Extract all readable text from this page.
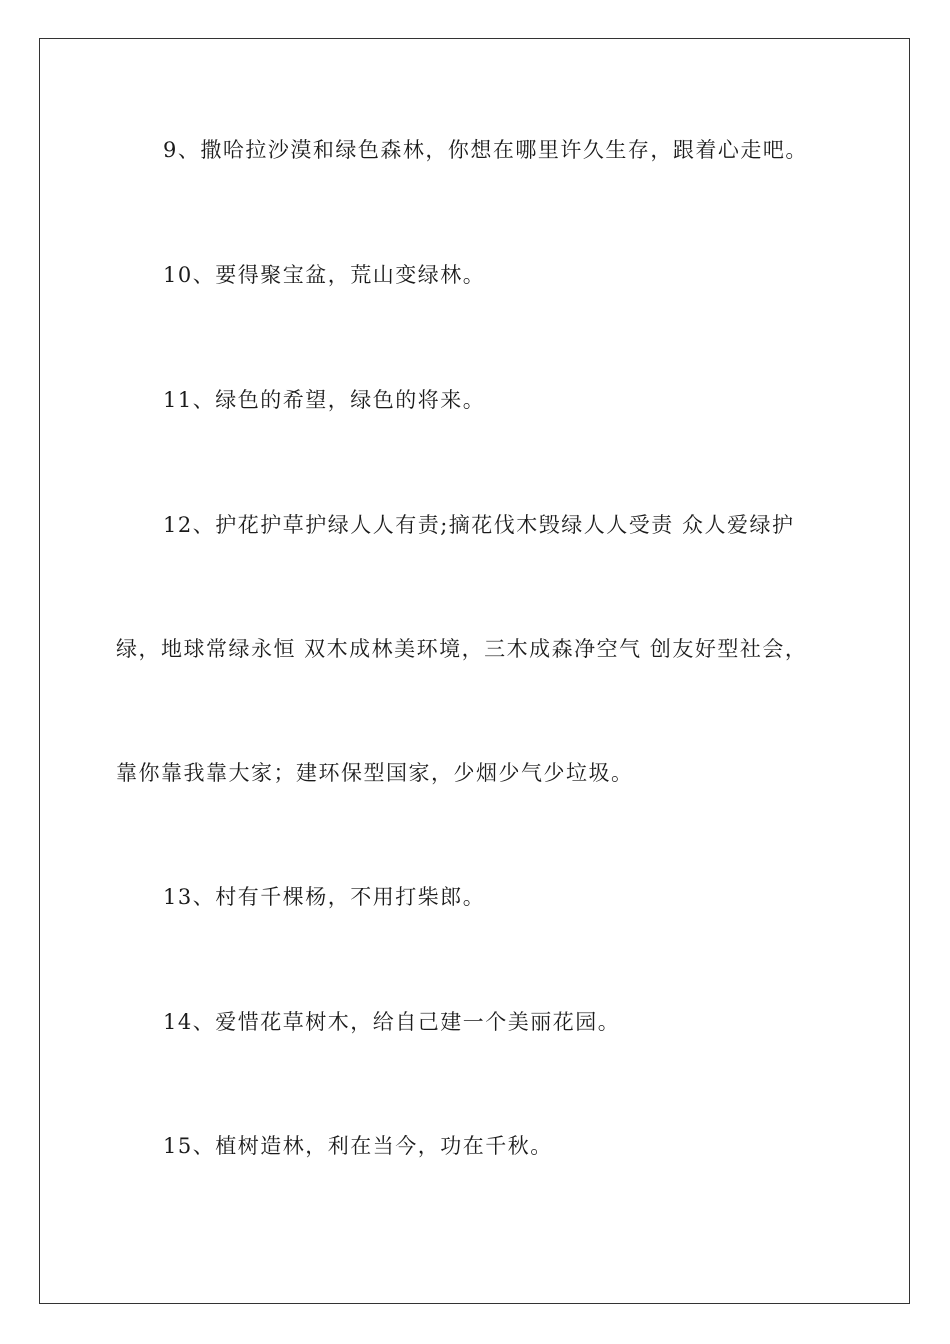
9、撒哈拉沙漠和绿色森林，你想在哪里许久生存，跟着心走吧。
10、要得聚宝盆，荒山变绿林。
11、绿色的希望，绿色的将来。
12、护花护草护绿人人有责;摘花伐木毁绿人人受责 众人爱绿护
绿，地球常绿永恒 双木成林美环境，三木成森净空气 创友好型社会，
靠你靠我靠大家；建环保型国家，少烟少气少垃圾。
13、村有千棵杨，不用打柴郎。
14、爱惜花草树木，给自己建一个美丽花园。
15、植树造林，利在当今，功在千秋。
